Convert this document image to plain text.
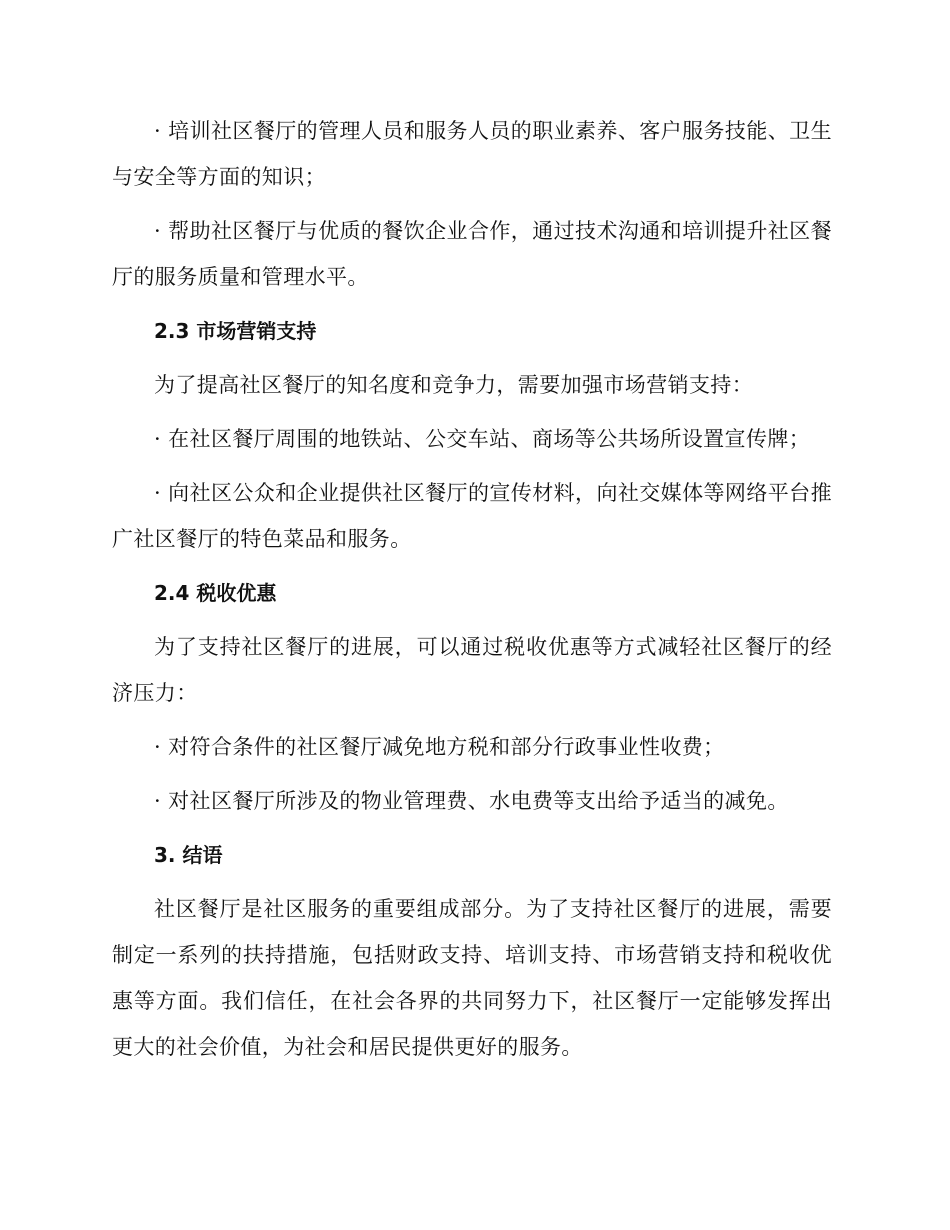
· 培训社区餐厅的管理人员和服务人员的职业素养、客户服务技能、卫生与安全等方面的知识；

· 帮助社区餐厅与优质的餐饮企业合作，通过技术沟通和培训提升社区餐厅的服务质量和管理水平。

2.3 市场营销支持

为了提高社区餐厅的知名度和竞争力，需要加强市场营销支持：

· 在社区餐厅周围的地铁站、公交车站、商场等公共场所设置宣传牌；

· 向社区公众和企业提供社区餐厅的宣传材料，向社交媒体等网络平台推广社区餐厅的特色菜品和服务。

2.4 税收优惠

为了支持社区餐厅的进展，可以通过税收优惠等方式减轻社区餐厅的经济压力：

· 对符合条件的社区餐厅减免地方税和部分行政事业性收费；

· 对社区餐厅所涉及的物业管理费、水电费等支出给予适当的减免。

3. 结语

社区餐厅是社区服务的重要组成部分。为了支持社区餐厅的进展，需要制定一系列的扶持措施，包括财政支持、培训支持、市场营销支持和税收优惠等方面。我们信任，在社会各界的共同努力下，社区餐厅一定能够发挥出更大的社会价值，为社会和居民提供更好的服务。
